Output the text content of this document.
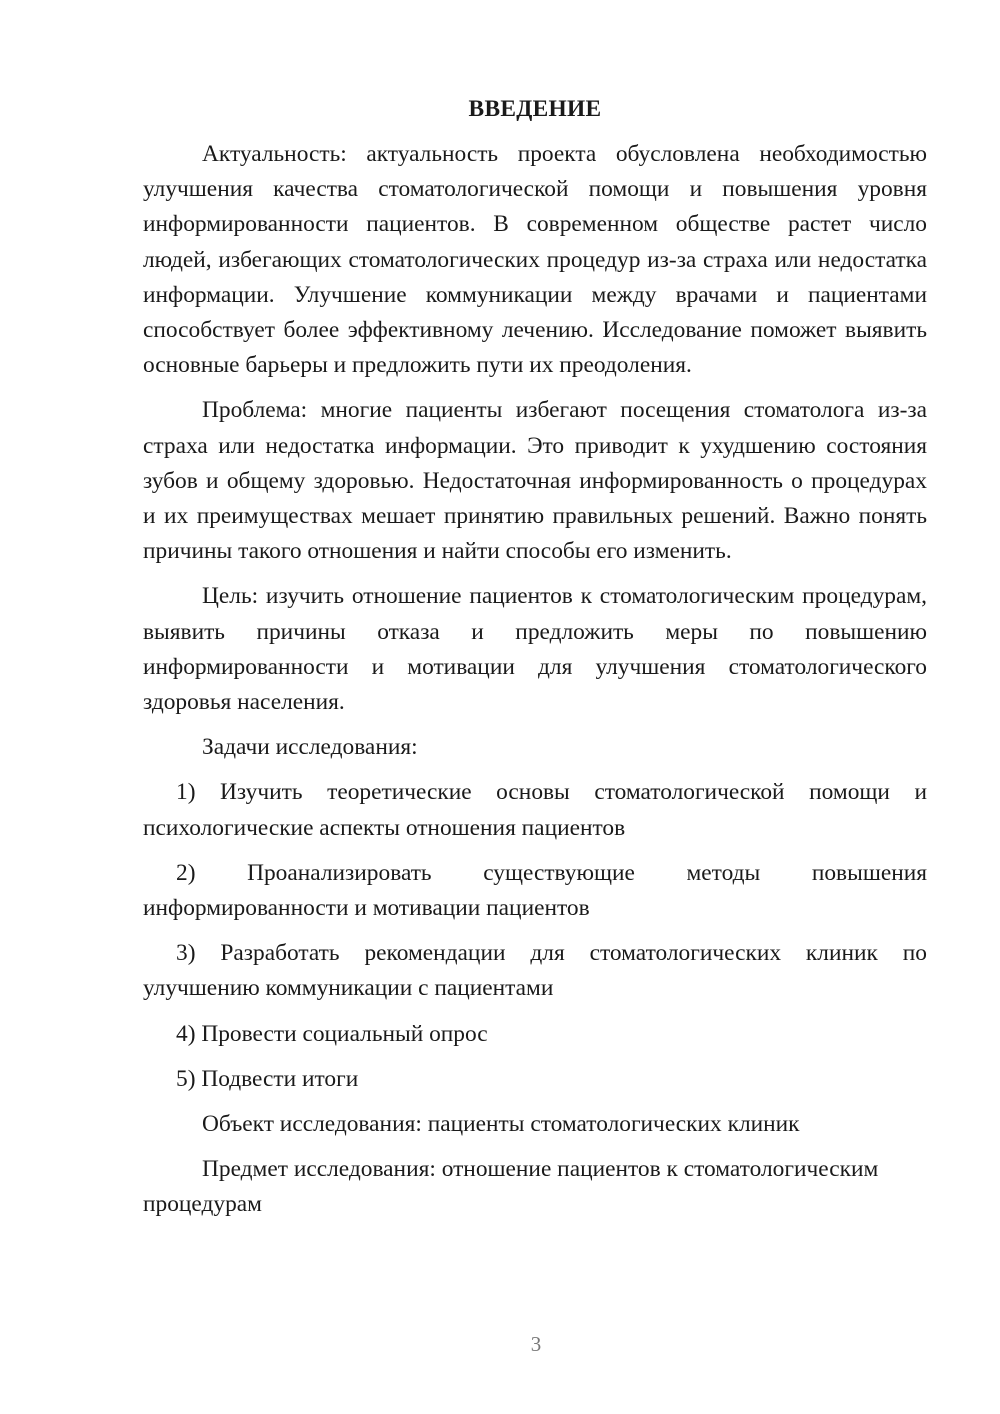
ВВЕДЕНИЕ

Актуальность: актуальность проекта обусловлена необходимостью улучшения качества стоматологической помощи и повышения уровня информированности пациентов. В современном обществе растет число людей, избегающих стоматологических процедур из-за страха или недостатка информации. Улучшение коммуникации между врачами и пациентами способствует более эффективному лечению. Исследование поможет выявить основные барьеры и предложить пути их преодоления.

Проблема: многие пациенты избегают посещения стоматолога из-за страха или недостатка информации. Это приводит к ухудшению состояния зубов и общему здоровью. Недостаточная информированность о процедурах и их преимуществах мешает принятию правильных решений. Важно понять причины такого отношения и найти способы его изменить.

Цель: изучить отношение пациентов к стоматологическим процедурам, выявить причины отказа и предложить меры по повышению информированности и мотивации для улучшения стоматологического здоровья населения.

Задачи исследования:

1) Изучить теоретические основы стоматологической помощи и психологические аспекты отношения пациентов

2) Проанализировать существующие методы повышения информированности и мотивации пациентов

3) Разработать рекомендации для стоматологических клиник по улучшению коммуникации с пациентами

4) Провести социальный опрос

5) Подвести итоги

Объект исследования: пациенты стоматологических клиник

Предмет исследования: отношение пациентов к стоматологическим процедурам

3
